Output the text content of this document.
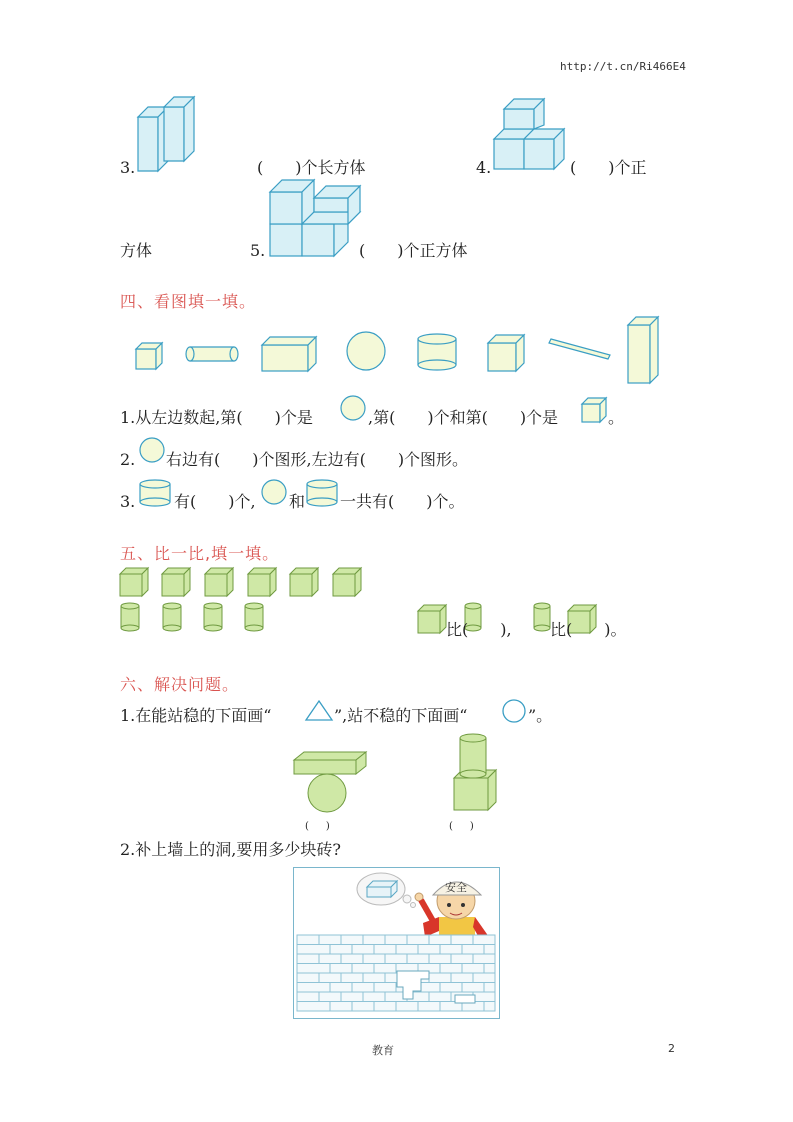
http://t.cn/Ri466E4
3.	(　　)个长方体	4.	(　　)个正
方体	5.	(　　)个正方体
四、看图填一填。
1.从左边数起,第(　　)个是	,第(　　)个和第(　　)个是	。
2. 右边有(　　)个图形,左边有(　　)个图形。
3. 有(　　)个, 和 一共有(　　)个。
五、比一比,填一填。
比(　　), 比(　　)。
六、解决问题。
1.在能站稳的下面画“	”,站不稳的下面画“	”。
(　　)	(　　)
2.补上墙上的洞,要用多少块砖?
安全
教育	2
